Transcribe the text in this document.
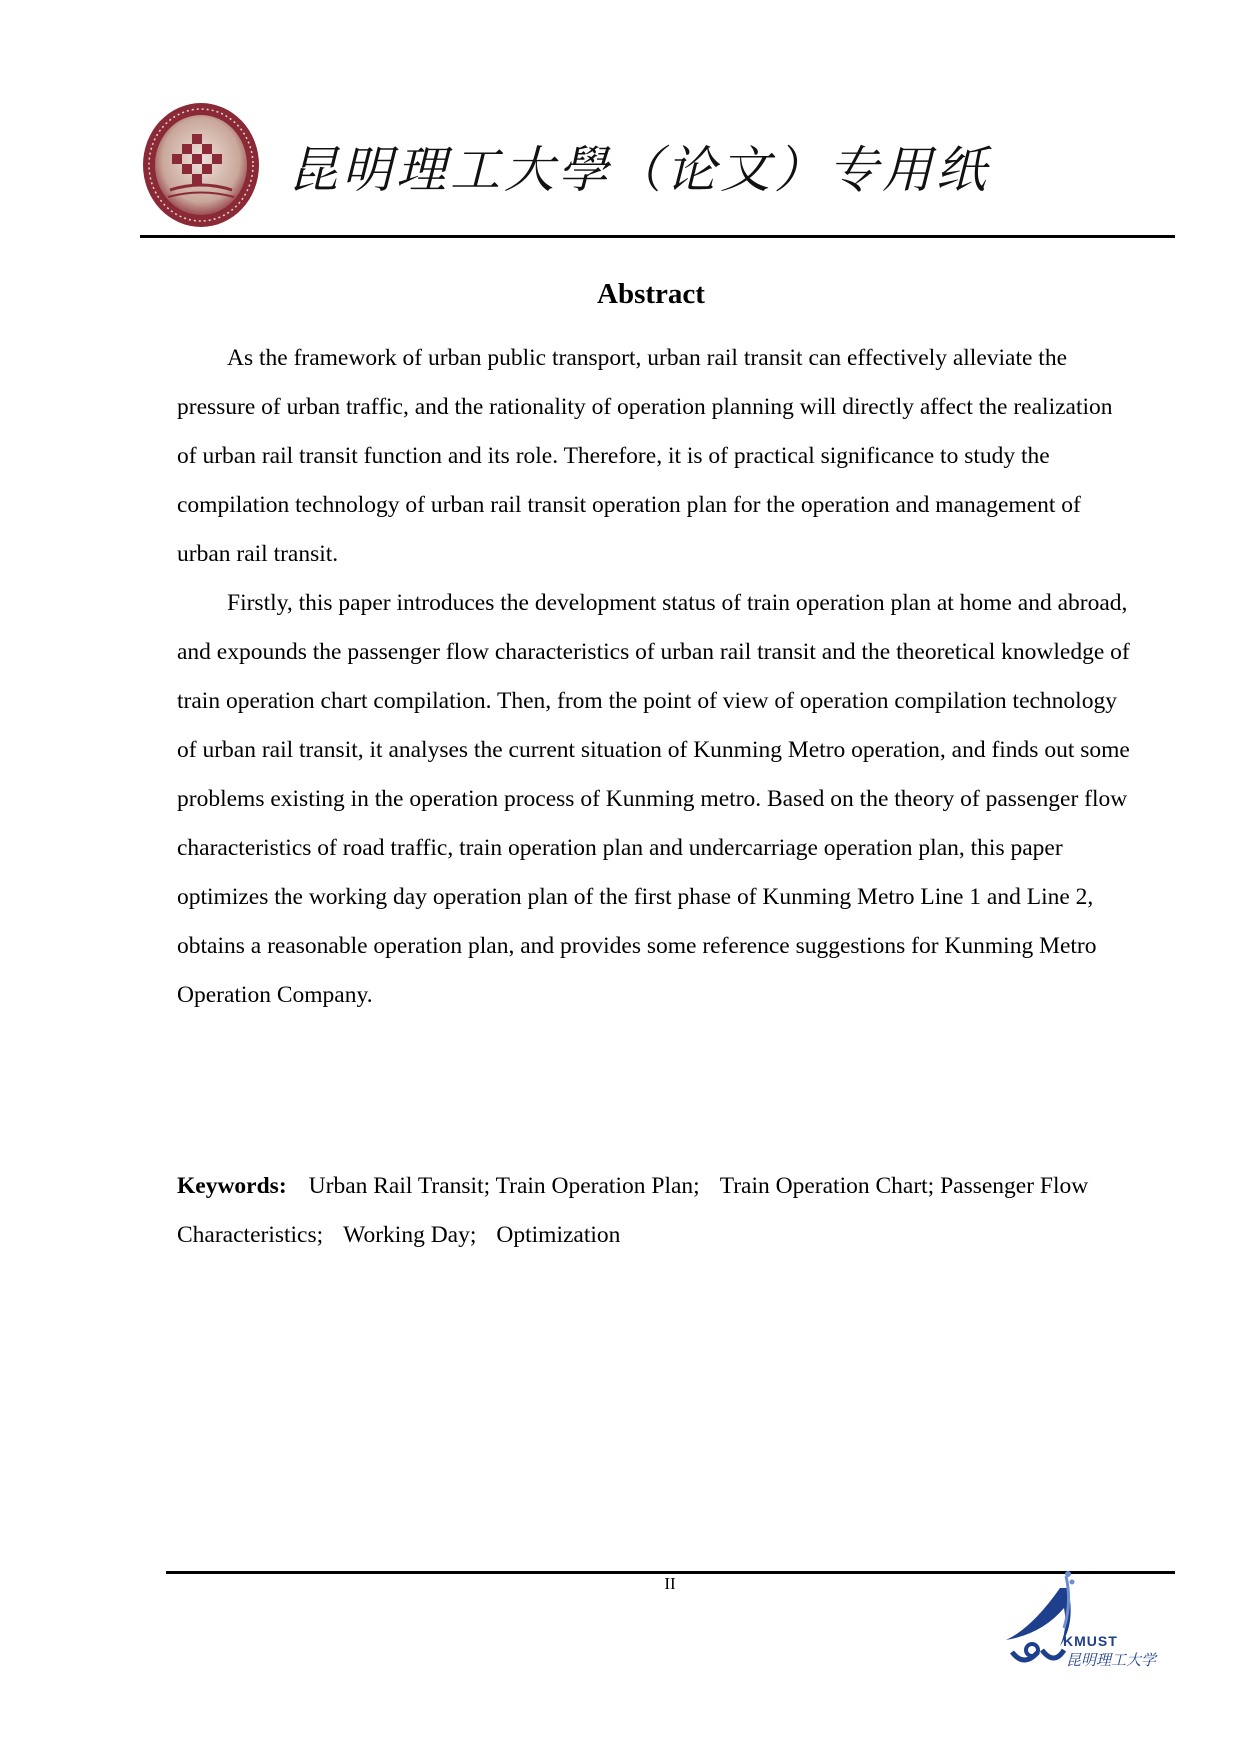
昆明理工大學（论文）专用纸
Abstract

As the framework of urban public transport, urban rail transit can effectively alleviate the pressure of urban traffic, and the rationality of operation planning will directly affect the realization of urban rail transit function and its role. Therefore, it is of practical significance to study the compilation technology of urban rail transit operation plan for the operation and management of urban rail transit.

Firstly, this paper introduces the development status of train operation plan at home and abroad, and expounds the passenger flow characteristics of urban rail transit and the theoretical knowledge of train operation chart compilation. Then, from the point of view of operation compilation technology of urban rail transit, it analyses the current situation of Kunming Metro operation, and finds out some problems existing in the operation process of Kunming metro. Based on the theory of passenger flow characteristics of road traffic, train operation plan and undercarriage operation plan, this paper optimizes the working day operation plan of the first phase of Kunming Metro Line 1 and Line 2, obtains a reasonable operation plan, and provides some reference suggestions for Kunming Metro Operation Company.

Keywords: Urban Rail Transit; Train Operation Plan; Train Operation Chart; Passenger Flow Characteristics; Working Day; Optimization
II
KMUST
昆明理工大学
